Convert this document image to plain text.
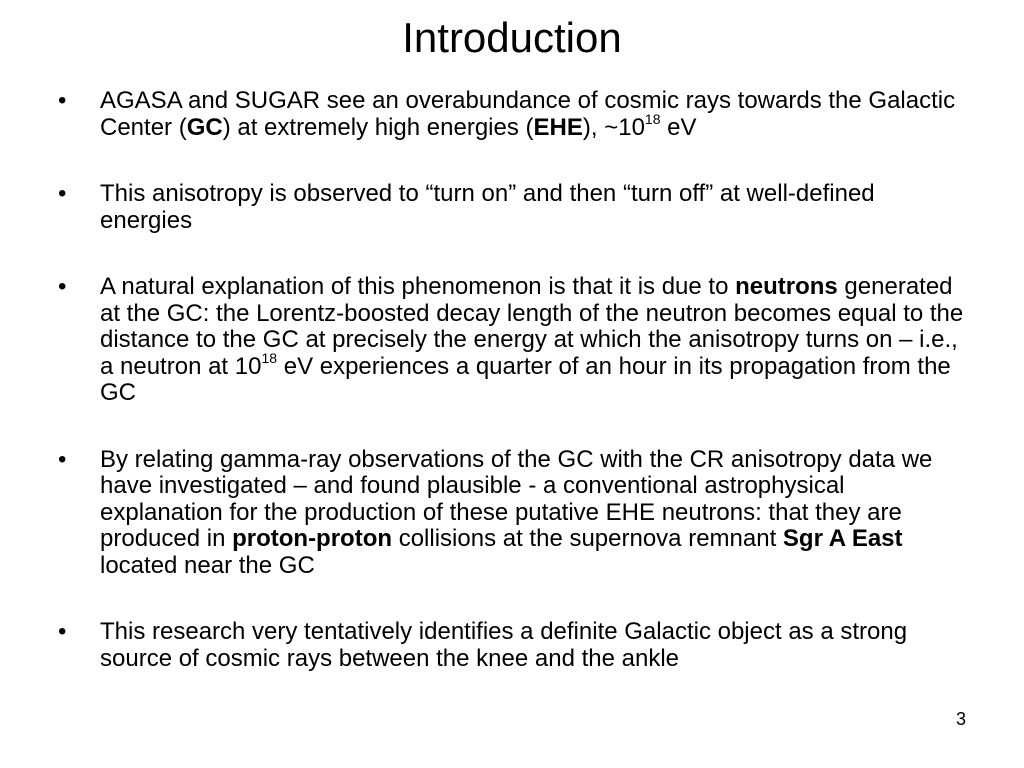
Introduction
•	AGASA and SUGAR see an overabundance of cosmic rays towards the Galactic Center (GC) at extremely high energies (EHE), $\sim 10^{18}$ eV
•	This anisotropy is observed to “turn on” and then “turn off” at well-defined energies
•	A natural explanation of this phenomenon is that it is due to neutrons generated at the GC: the Lorentz-boosted decay length of the neutron becomes equal to the distance to the GC at precisely the energy at which the anisotropy turns on – i.e., a neutron at $10^{18}$ eV experiences a quarter of an hour in its propagation from the GC
•	By relating gamma-ray observations of the GC with the CR anisotropy data we have investigated – and found plausible - a conventional astrophysical explanation for the production of these putative EHE neutrons: that they are produced in proton-proton collisions at the supernova remnant Sgr A East located near the GC
•	This research very tentatively identifies a definite Galactic object as a strong source of cosmic rays between the knee and the ankle
3
